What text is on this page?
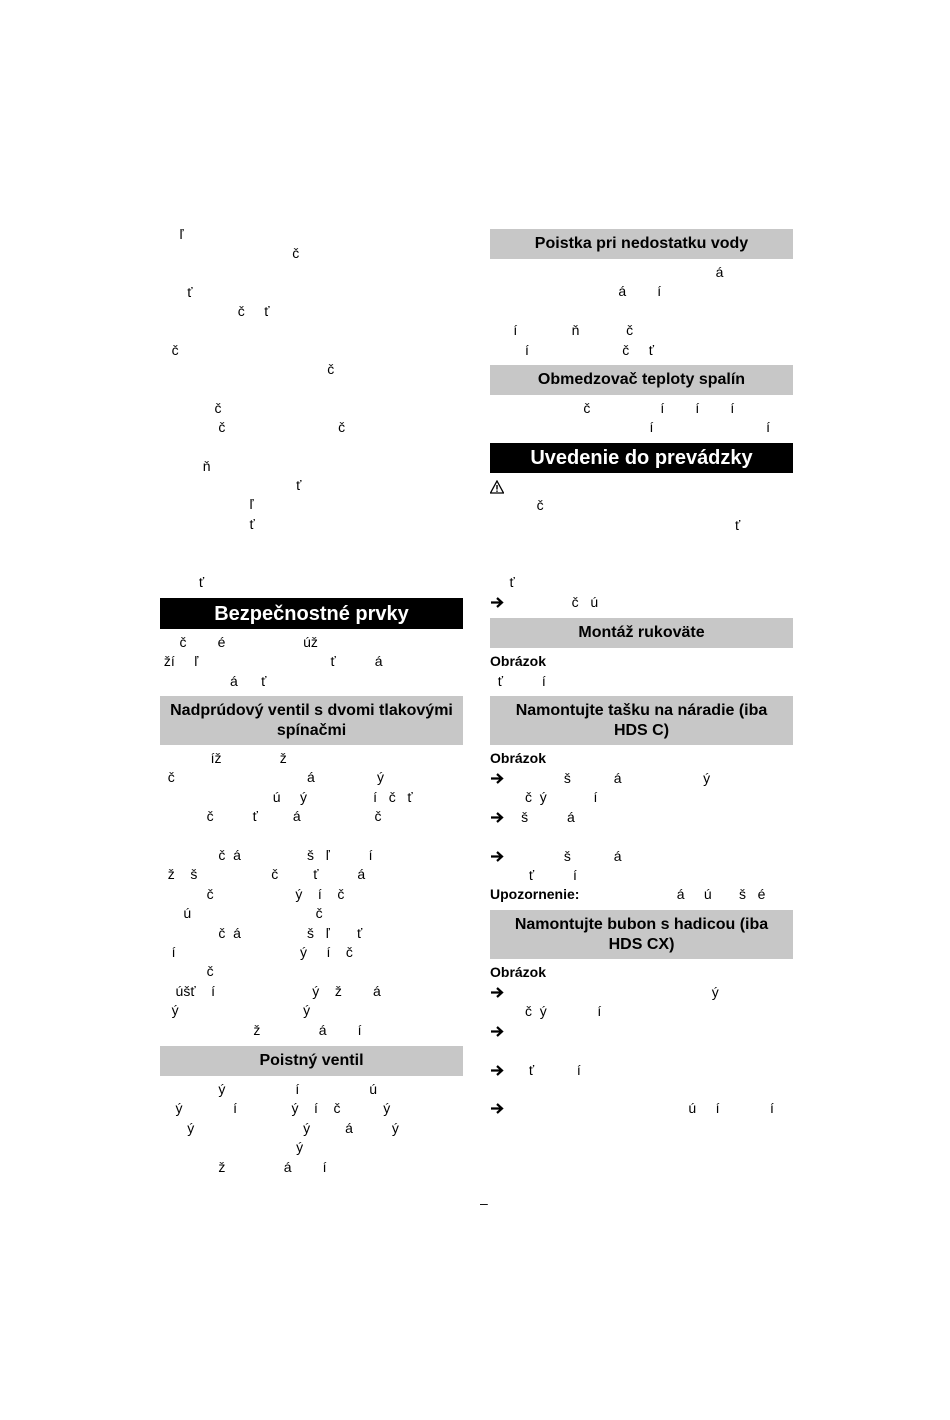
ľ
č
ť
č     ť
č
č
č
č                             č
ň
ť
ľ
ť
ť
Bezpečnostné prvky
č        é                    úž
ží     ľ                                  ť          á
á      ť
Nadprúdový ventil s dvomi tlakovými spínačmi
íž               ž
č                                  á                ý
ú     ý                 í   č   ť
č          ť         á                   č
č  á                 š   ľ          í
ž    š                   č         ť          á
č                     ý    í    č
ú                                č
č  á                 š   ľ       ť
í                                ý     í    č
č
úšť    í                         ý    ž        á
ý                                ý
ž               á        í
Poistný ventil
ý                  í                  ú
ý             í              ý    í    č           ý
ý                            ý         á          ý
ý
ž               á        í
Poistka pri nedostatku vody
á
á        í
í              ň            č
í                        č     ť
Obmedzovač teploty spalín
č                  í        í        í
í                             í
Uvedenie do prevádzky
č
ť
ť
č   ú
Montáž rukoväte
Obrázok
ť          í
Namontujte tašku na náradie (iba HDS C)
Obrázok
š           á                     ý
č  ý            í
š          á
š           á
ť          í
Upozornenie:                         á     ú       š   é
Namontujte bubon s hadicou (iba HDS CX)
Obrázok
ý
č  ý             í
ť           í
ú     í             í
–
